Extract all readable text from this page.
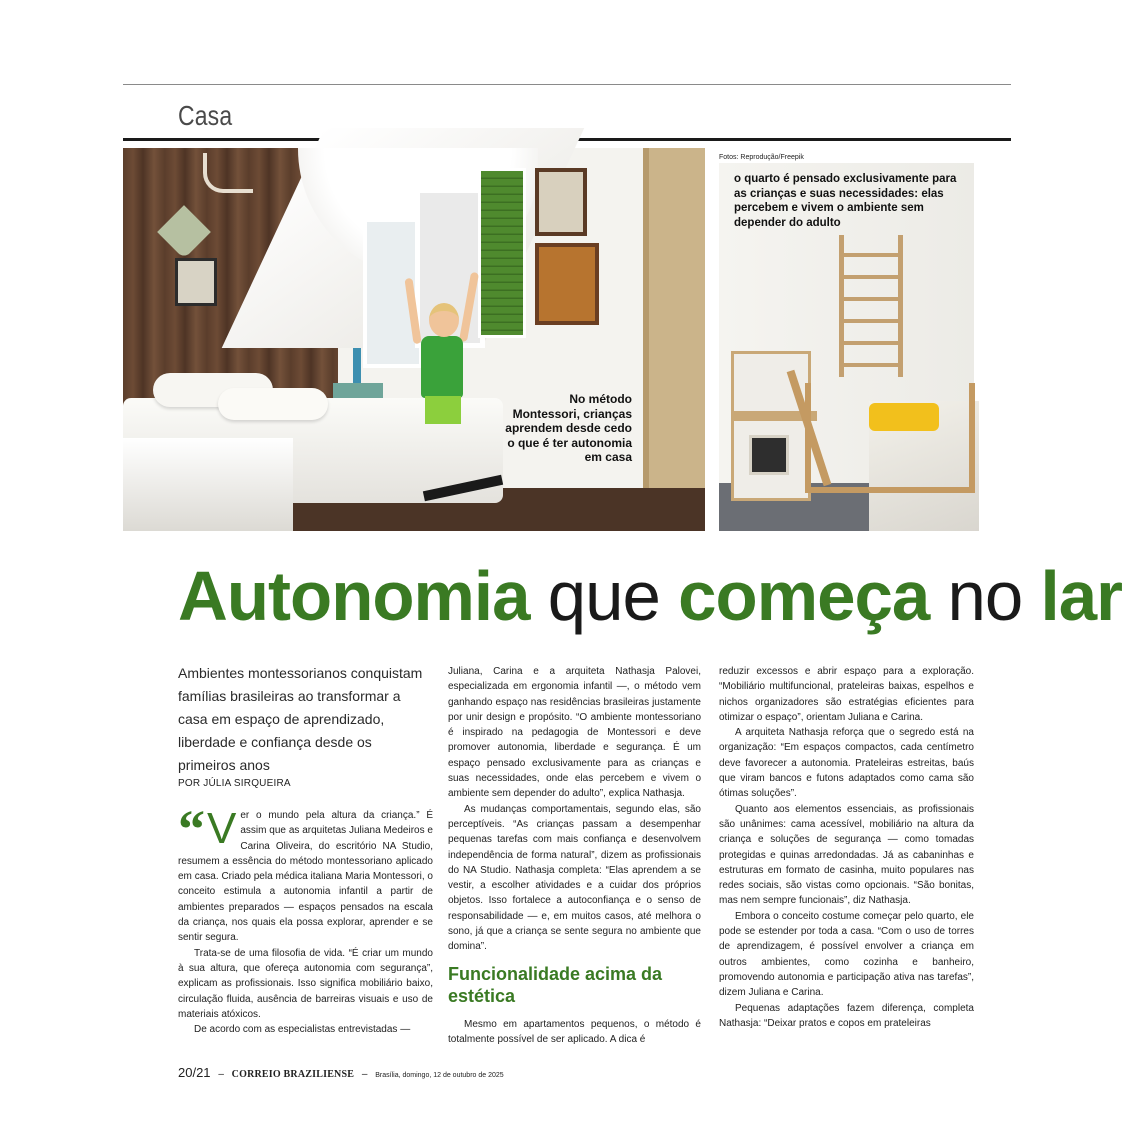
Casa
No método Montessori, crianças aprendem desde cedo o que é ter autonomia em casa
Fotos: Reprodução/Freepik
o quarto é pensado exclusivamente para as crianças e suas necessidades: elas percebem e vivem o ambiente sem depender do adulto
Autonomia que começa no lar
Ambientes montessorianos conquistam famílias brasileiras ao transformar a casa em espaço de aprendizado, liberdade e confiança desde os primeiros anos
POR JÚLIA SIRQUEIRA

“ V er o mundo pela altura da criança.” É assim que as arquitetas Juliana Medeiros e Carina Oliveira, do escritório NA Studio, resumem a essência do método montessoriano aplicado em casa. Criado pela médica italiana Maria Montessori, o conceito estimula a autonomia infantil a partir de ambientes preparados — espaços pensados na escala da criança, nos quais ela possa explorar, aprender e se sentir segura.

Trata-se de uma filosofia de vida. “É criar um mundo à sua altura, que ofereça autonomia com segurança”, explicam as profissionais. Isso significa mobiliário baixo, circulação fluida, ausência de barreiras visuais e uso de materiais atóxicos.

De acordo com as especialistas entrevistadas —

Juliana, Carina e a arquiteta Nathasja Palovei, especializada em ergonomia infantil —, o método vem ganhando espaço nas residências brasileiras justamente por unir design e propósito. “O ambiente montessoriano é inspirado na pedagogia de Montessori e deve promover autonomia, liberdade e segurança. É um espaço pensado exclusivamente para as crianças e suas necessidades, onde elas percebem e vivem o ambiente sem depender do adulto”, explica Nathasja.

As mudanças comportamentais, segundo elas, são perceptíveis. “As crianças passam a desempenhar pequenas tarefas com mais confiança e desenvolvem independência de forma natural”, dizem as profissionais do NA Studio. Nathasja completa: “Elas aprendem a se vestir, a escolher atividades e a cuidar dos próprios objetos. Isso fortalece a autoconfiança e o senso de responsabilidade — e, em muitos casos, até melhora o sono, já que a criança se sente segura no ambiente que domina”.

Funcionalidade acima da estética

Mesmo em apartamentos pequenos, o método é totalmente possível de ser aplicado. A dica é

reduzir excessos e abrir espaço para a exploração. “Mobiliário multifuncional, prateleiras baixas, espelhos e nichos organizadores são estratégias eficientes para otimizar o espaço”, orientam Juliana e Carina.

A arquiteta Nathasja reforça que o segredo está na organização: “Em espaços compactos, cada centímetro deve favorecer a autonomia. Prateleiras estreitas, baús que viram bancos e futons adaptados como cama são ótimas soluções”.

Quanto aos elementos essenciais, as profissionais são unânimes: cama acessível, mobiliário na altura da criança e soluções de segurança — como tomadas protegidas e quinas arredondadas. Já as cabaninhas e estruturas em formato de casinha, muito populares nas redes sociais, são vistas como opcionais. “São bonitas, mas nem sempre funcionais”, diz Nathasja.

Embora o conceito costume começar pelo quarto, ele pode se estender por toda a casa. “Com o uso de torres de aprendizagem, é possível envolver a criança em outros ambientes, como cozinha e banheiro, promovendo autonomia e participação ativa nas tarefas”, dizem Juliana e Carina.

Pequenas adaptações fazem diferença, completa Nathasja: “Deixar pratos e copos em prateleiras

20/21 – CORREIO BRAZILIENSE – Brasília, domingo, 12 de outubro de 2025
